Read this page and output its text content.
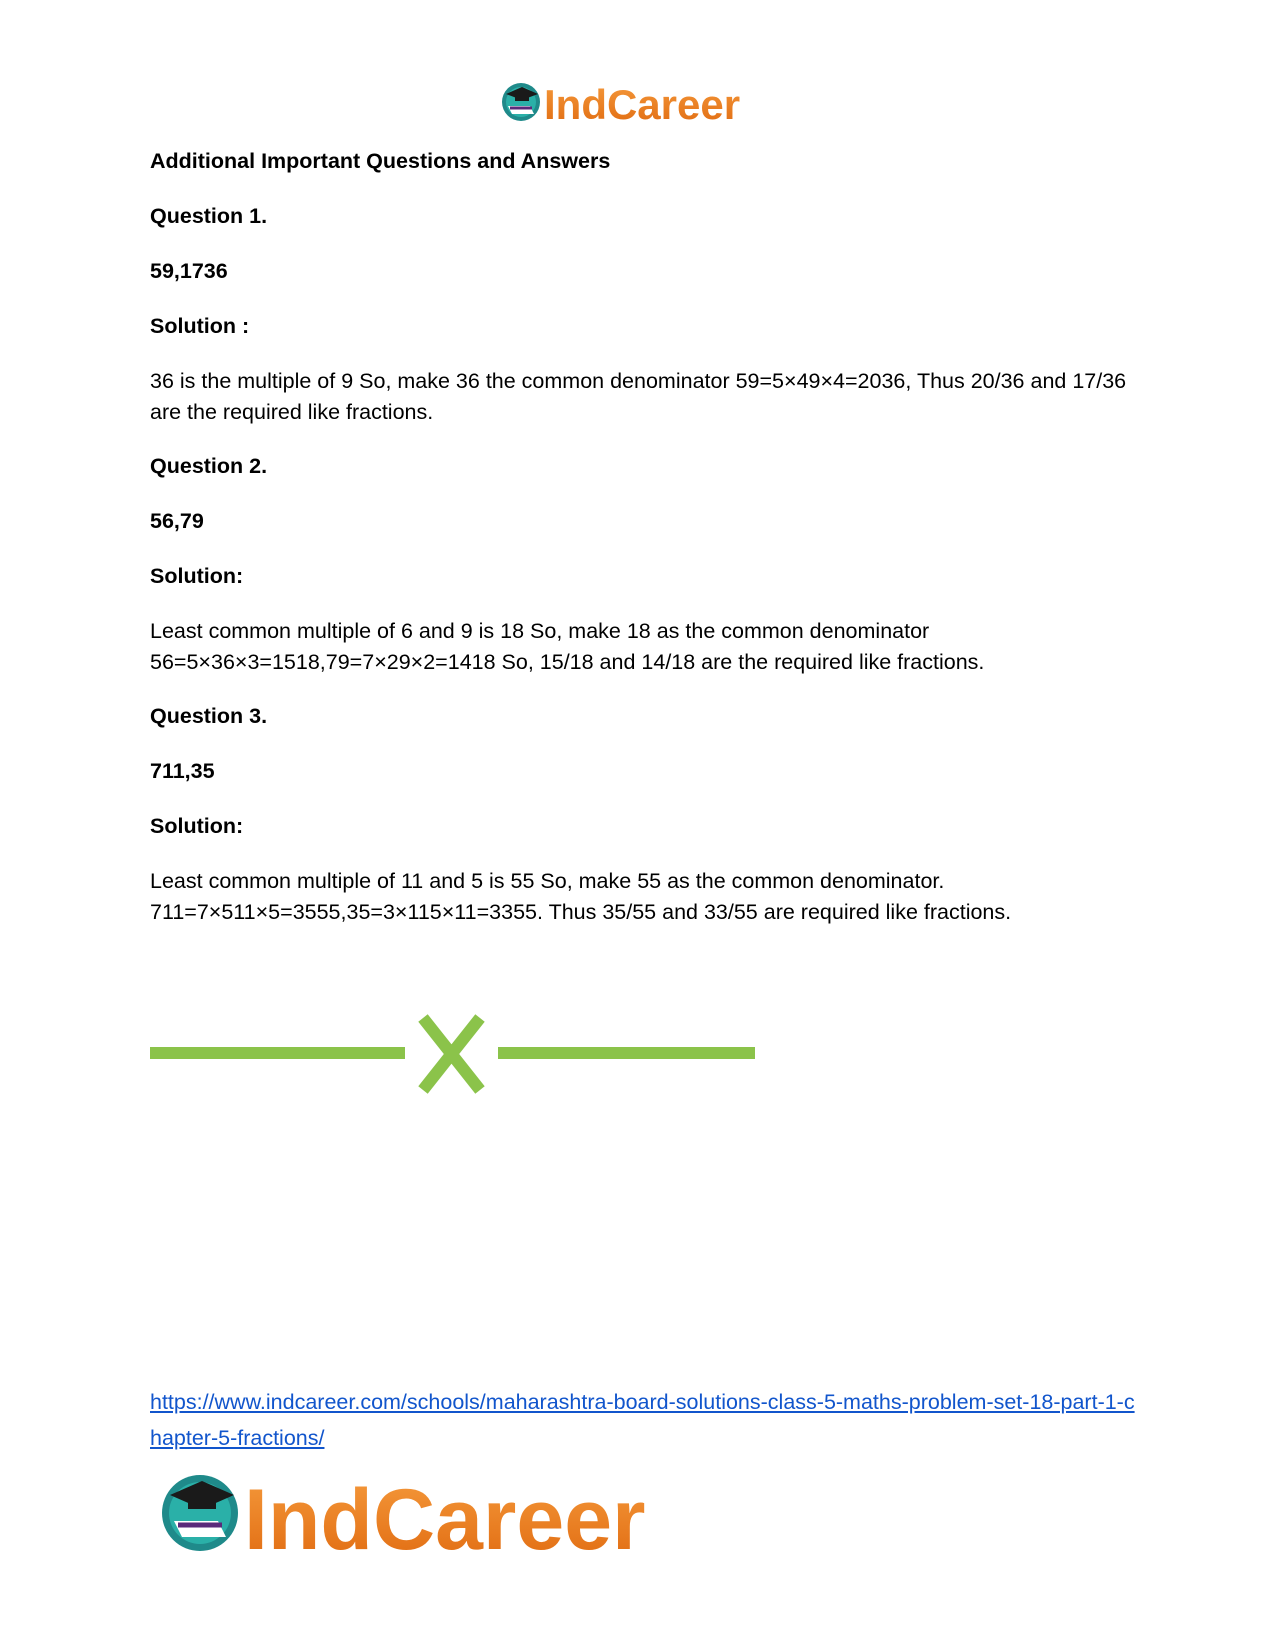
IndCareer
Additional Important Questions and Answers
Question 1.
59,1736
Solution :
36 is the multiple of 9 So, make 36 the common denominator 59=5×49×4=2036, Thus 20/36 and 17/36 are the required like fractions.
Question 2.
56,79
Solution:
Least common multiple of 6 and 9 is 18 So, make 18 as the common denominator 56=5×36×3=1518,79=7×29×2=1418 So, 15/18 and 14/18 are the required like fractions.
Question 3.
711,35
Solution:
Least common multiple of 11 and 5 is 55 So, make 55 as the common denominator. 711=7×511×5=3555,35=3×115×11=3355. Thus 35/55 and 33/55 are required like fractions.
https://www.indcareer.com/schools/maharashtra-board-solutions-class-5-maths-problem-set-18-part-1-chapter-5-fractions/
IndCareer
